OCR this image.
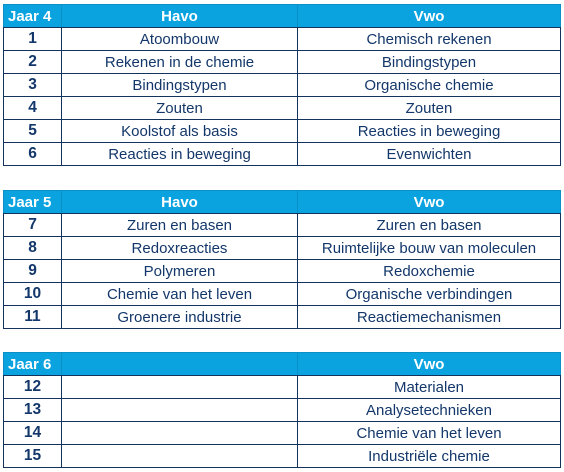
Jaar 4	Havo	Vwo
1	Atoombouw	Chemisch rekenen
2	Rekenen in de chemie	Bindingstypen
3	Bindingstypen	Organische chemie
4	Zouten	Zouten
5	Koolstof als basis	Reacties in beweging
6	Reacties in beweging	Evenwichten
Jaar 5	Havo	Vwo
7	Zuren en basen	Zuren en basen
8	Redoxreacties	Ruimtelijke bouw van moleculen
9	Polymeren	Redoxchemie
10	Chemie van het leven	Organische verbindingen
11	Groenere industrie	Reactiemechanismen
Jaar 6		Vwo
12		Materialen
13		Analysetechnieken
14		Chemie van het leven
15		Industriële chemie
